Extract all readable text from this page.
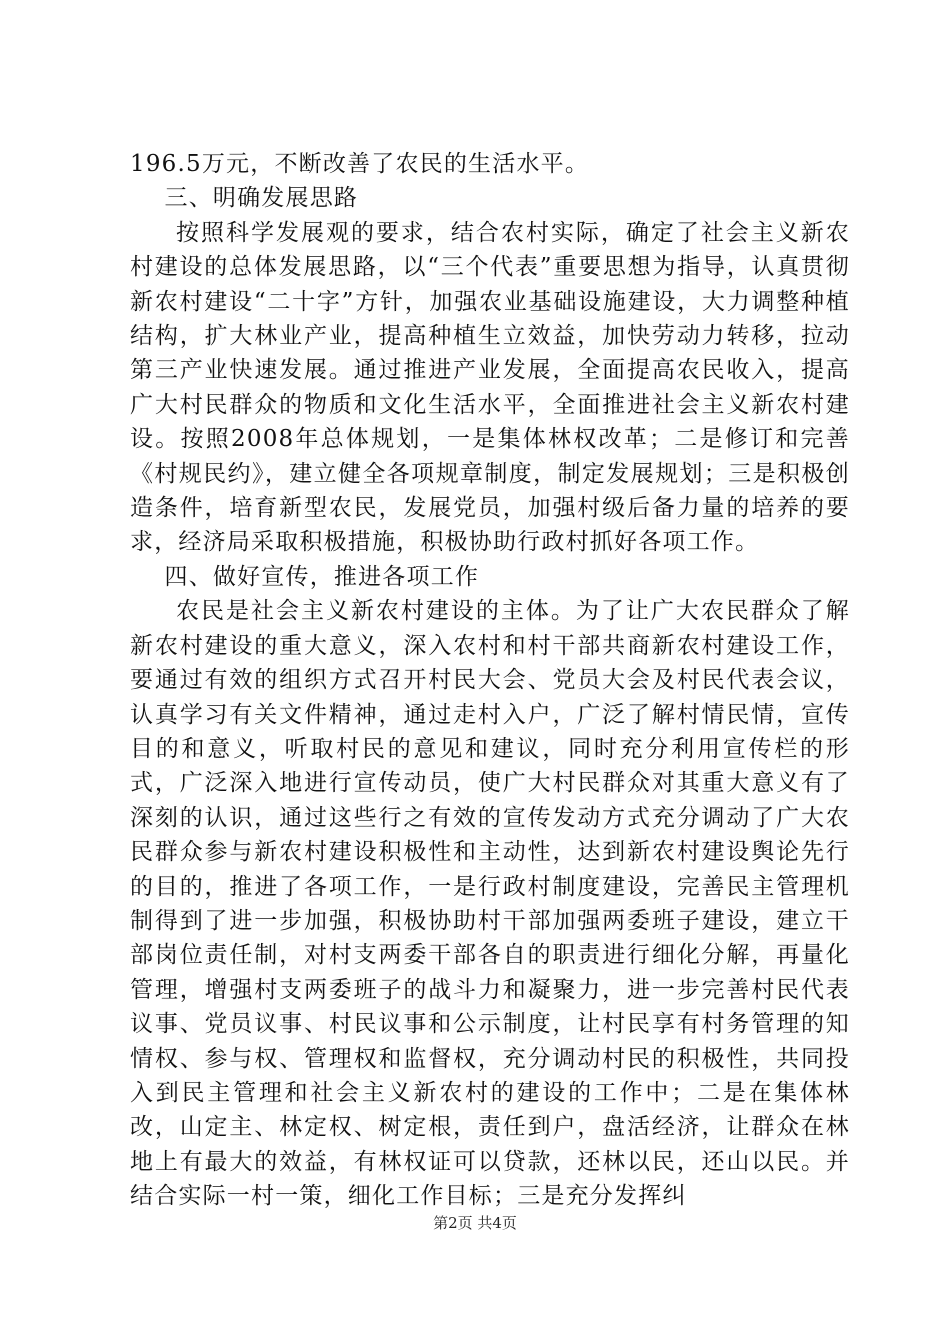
196.5万元，不断改善了农民的生活水平。

三、明确发展思路

按照科学发展观的要求，结合农村实际，确定了社会主义新农村建设的总体发展思路，以“三个代表”重要思想为指导，认真贯彻新农村建设“二十字”方针，加强农业基础设施建设，大力调整种植结构，扩大林业产业，提高种植生立效益，加快劳动力转移，拉动第三产业快速发展。通过推进产业发展，全面提高农民收入，提高广大村民群众的物质和文化生活水平，全面推进社会主义新农村建设。按照2008年总体规划，一是集体林权改革；二是修订和完善《村规民约》，建立健全各项规章制度，制定发展规划；三是积极创造条件，培育新型农民，发展党员，加强村级后备力量的培养的要求，经济局采取积极措施，积极协助行政村抓好各项工作。

四、做好宣传，推进各项工作

农民是社会主义新农村建设的主体。为了让广大农民群众了解新农村建设的重大意义，深入农村和村干部共商新农村建设工作，要通过有效的组织方式召开村民大会、党员大会及村民代表会议，认真学习有关文件精神，通过走村入户，广泛了解村情民情，宣传目的和意义，听取村民的意见和建议，同时充分利用宣传栏的形式，广泛深入地进行宣传动员，使广大村民群众对其重大意义有了深刻的认识，通过这些行之有效的宣传发动方式充分调动了广大农民群众参与新农村建设积极性和主动性，达到新农村建设舆论先行的目的，推进了各项工作，一是行政村制度建设，完善民主管理机制得到了进一步加强，积极协助村干部加强两委班子建设，建立干部岗位责任制，对村支两委干部各自的职责进行细化分解，再量化管理，增强村支两委班子的战斗力和凝聚力，进一步完善村民代表议事、党员议事、村民议事和公示制度，让村民享有村务管理的知情权、参与权、管理权和监督权，充分调动村民的积极性，共同投入到民主管理和社会主义新农村的建设的工作中；二是在集体林改，山定主、林定权、树定根，责任到户，盘活经济，让群众在林地上有最大的效益，有林权证可以贷款，还林以民，还山以民。并结合实际一村一策，细化工作目标；三是充分发挥纠

第2页 共4页
